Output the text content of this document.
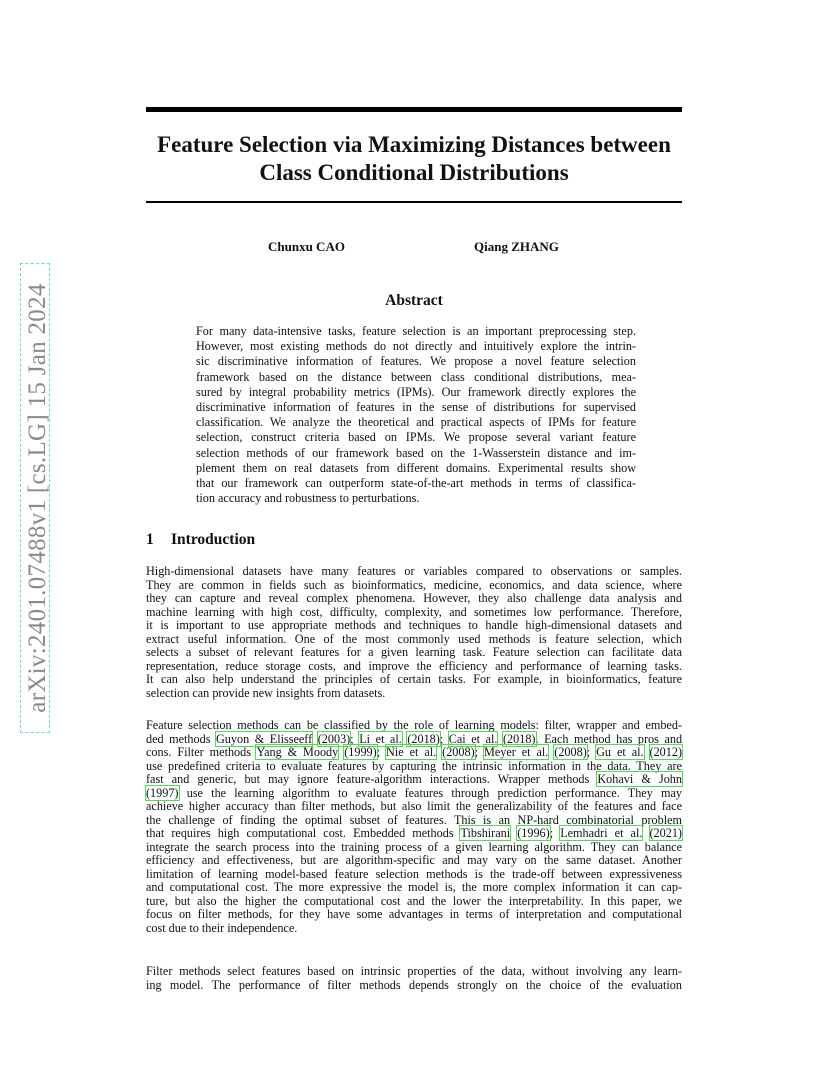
arXiv:2401.07488v1 [cs.LG] 15 Jan 2024
Feature Selection via Maximizing Distances between
Class Conditional Distributions
Chunxu CAO	Qiang ZHANG
Abstract
For many data-intensive tasks, feature selection is an important preprocessing step.
However, most existing methods do not directly and intuitively explore the intrin-
sic discriminative information of features. We propose a novel feature selection
framework based on the distance between class conditional distributions, mea-
sured by integral probability metrics (IPMs). Our framework directly explores the
discriminative information of features in the sense of distributions for supervised
classification. We analyze the theoretical and practical aspects of IPMs for feature
selection, construct criteria based on IPMs. We propose several variant feature
selection methods of our framework based on the 1-Wasserstein distance and im-
plement them on real datasets from different domains. Experimental results show
that our framework can outperform state-of-the-art methods in terms of classifica-
tion accuracy and robustness to perturbations.
1 Introduction
High-dimensional datasets have many features or variables compared to observations or samples.
They are common in fields such as bioinformatics, medicine, economics, and data science, where
they can capture and reveal complex phenomena. However, they also challenge data analysis and
machine learning with high cost, difficulty, complexity, and sometimes low performance. Therefore,
it is important to use appropriate methods and techniques to handle high-dimensional datasets and
extract useful information. One of the most commonly used methods is feature selection, which
selects a subset of relevant features for a given learning task. Feature selection can facilitate data
representation, reduce storage costs, and improve the efficiency and performance of learning tasks.
It can also help understand the principles of certain tasks. For example, in bioinformatics, feature
selection can provide new insights from datasets.
Feature selection methods can be classified by the role of learning models: filter, wrapper and embed-
ded methods Guyon & Elisseeff (2003); Li et al. (2018); Cai et al. (2018). Each method has pros and
cons. Filter methods Yang & Moody (1999); Nie et al. (2008); Meyer et al. (2008); Gu et al. (2012)
use predefined criteria to evaluate features by capturing the intrinsic information in the data. They are
fast and generic, but may ignore feature-algorithm interactions. Wrapper methods Kohavi & John
(1997) use the learning algorithm to evaluate features through prediction performance. They may
achieve higher accuracy than filter methods, but also limit the generalizability of the features and face
the challenge of finding the optimal subset of features. This is an NP-hard combinatorial problem
that requires high computational cost. Embedded methods Tibshirani (1996); Lemhadri et al. (2021)
integrate the search process into the training process of a given learning algorithm. They can balance
efficiency and effectiveness, but are algorithm-specific and may vary on the same dataset. Another
limitation of learning model-based feature selection methods is the trade-off between expressiveness
and computational cost. The more expressive the model is, the more complex information it can cap-
ture, but also the higher the computational cost and the lower the interpretability. In this paper, we
focus on filter methods, for they have some advantages in terms of interpretation and computational
cost due to their independence.
Filter methods select features based on intrinsic properties of the data, without involving any learn-
ing model. The performance of filter methods depends strongly on the choice of the evaluation
